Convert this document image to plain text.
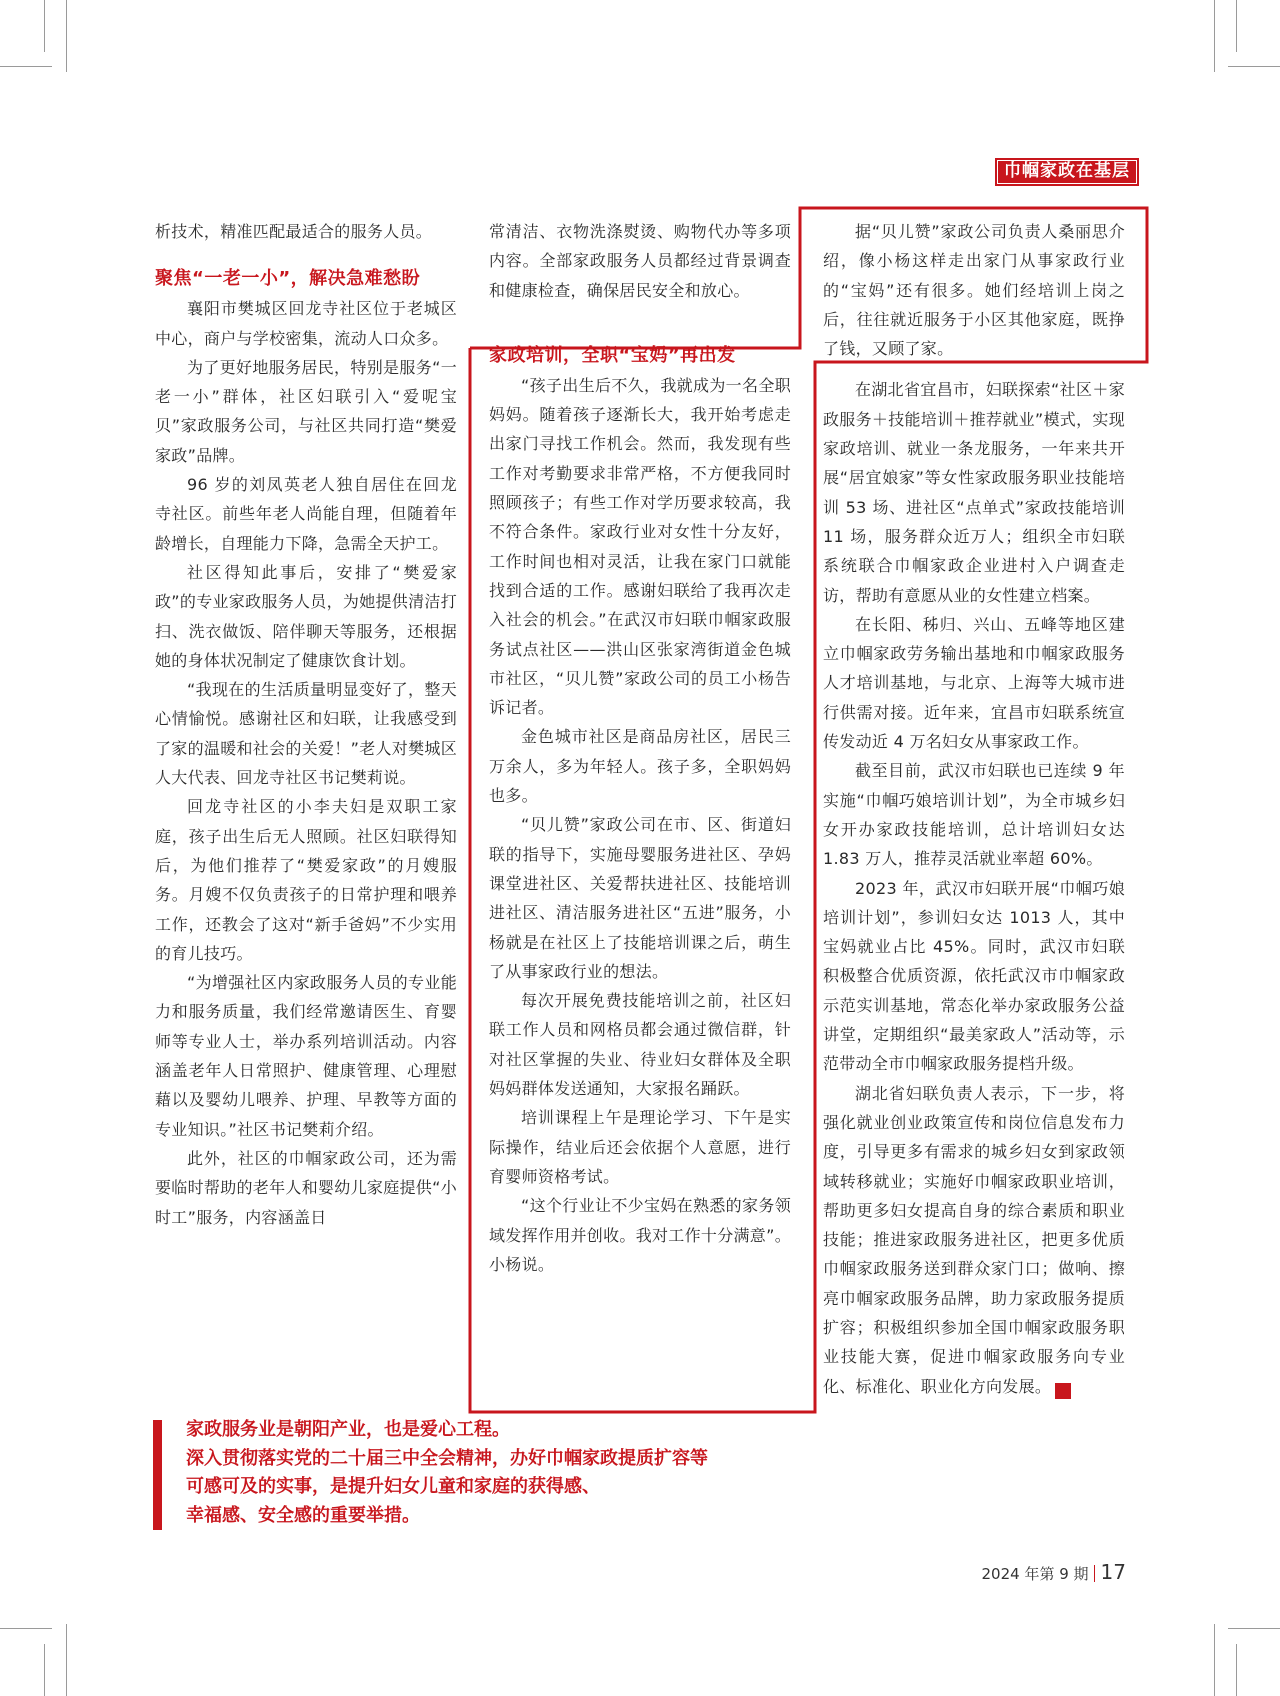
巾帼家政在基层

析技术，精准匹配最适合的服务人员。

聚焦“一老一小”，解决急难愁盼

襄阳市樊城区回龙寺社区位于老城区中心，商户与学校密集，流动人口众多。

为了更好地服务居民，特别是服务“一老一小”群体，社区妇联引入“爱呢宝贝”家政服务公司，与社区共同打造“樊爱家政”品牌。

96 岁的刘凤英老人独自居住在回龙寺社区。前些年老人尚能自理，但随着年龄增长，自理能力下降，急需全天护工。

社区得知此事后，安排了“樊爱家政”的专业家政服务人员，为她提供清洁打扫、洗衣做饭、陪伴聊天等服务，还根据她的身体状况制定了健康饮食计划。

“我现在的生活质量明显变好了，整天心情愉悦。感谢社区和妇联，让我感受到了家的温暖和社会的关爱！”老人对樊城区人大代表、回龙寺社区书记樊莉说。

回龙寺社区的小李夫妇是双职工家庭，孩子出生后无人照顾。社区妇联得知后，为他们推荐了“樊爱家政”的月嫂服务。月嫂不仅负责孩子的日常护理和喂养工作，还教会了这对“新手爸妈”不少实用的育儿技巧。

“为增强社区内家政服务人员的专业能力和服务质量，我们经常邀请医生、育婴师等专业人士，举办系列培训活动。内容涵盖老年人日常照护、健康管理、心理慰藉以及婴幼儿喂养、护理、早教等方面的专业知识。”社区书记樊莉介绍。

此外，社区的巾帼家政公司，还为需要临时帮助的老年人和婴幼儿家庭提供“小时工”服务，内容涵盖日

常清洁、衣物洗涤熨烫、购物代办等多项内容。全部家政服务人员都经过背景调查和健康检查，确保居民安全和放心。

家政培训，全职“宝妈”再出发

“孩子出生后不久，我就成为一名全职妈妈。随着孩子逐渐长大，我开始考虑走出家门寻找工作机会。然而，我发现有些工作对考勤要求非常严格，不方便我同时照顾孩子；有些工作对学历要求较高，我不符合条件。家政行业对女性十分友好，工作时间也相对灵活，让我在家门口就能找到合适的工作。感谢妇联给了我再次走入社会的机会。”在武汉市妇联巾帼家政服务试点社区——洪山区张家湾街道金色城市社区，“贝儿赞”家政公司的员工小杨告诉记者。

金色城市社区是商品房社区，居民三万余人，多为年轻人。孩子多，全职妈妈也多。

“贝儿赞”家政公司在市、区、街道妇联的指导下，实施母婴服务进社区、孕妈课堂进社区、关爱帮扶进社区、技能培训进社区、清洁服务进社区“五进”服务，小杨就是在社区上了技能培训课之后，萌生了从事家政行业的想法。

每次开展免费技能培训之前，社区妇联工作人员和网格员都会通过微信群，针对社区掌握的失业、待业妇女群体及全职妈妈群体发送通知，大家报名踊跃。

培训课程上午是理论学习、下午是实际操作，结业后还会依据个人意愿，进行育婴师资格考试。

“这个行业让不少宝妈在熟悉的家务领域发挥作用并创收。我对工作十分满意”。小杨说。

据“贝儿赞”家政公司负责人桑丽思介绍，像小杨这样走出家门从事家政行业的“宝妈”还有很多。她们经培训上岗之后，往往就近服务于小区其他家庭，既挣了钱，又顾了家。

在湖北省宜昌市，妇联探索“社区＋家政服务＋技能培训＋推荐就业”模式，实现家政培训、就业一条龙服务，一年来共开展“居宜娘家”等女性家政服务职业技能培训 53 场、进社区“点单式”家政技能培训 11 场，服务群众近万人；组织全市妇联系统联合巾帼家政企业进村入户调查走访，帮助有意愿从业的女性建立档案。

在长阳、秭归、兴山、五峰等地区建立巾帼家政劳务输出基地和巾帼家政服务人才培训基地，与北京、上海等大城市进行供需对接。近年来，宜昌市妇联系统宣传发动近 4 万名妇女从事家政工作。

截至目前，武汉市妇联也已连续 9 年实施“巾帼巧娘培训计划”，为全市城乡妇女开办家政技能培训，总计培训妇女达 1.83 万人，推荐灵活就业率超 60%。

2023 年，武汉市妇联开展“巾帼巧娘培训计划”，参训妇女达 1013 人，其中宝妈就业占比 45%。同时，武汉市妇联积极整合优质资源，依托武汉市巾帼家政示范实训基地，常态化举办家政服务公益讲堂，定期组织“最美家政人”活动等，示范带动全市巾帼家政服务提档升级。

湖北省妇联负责人表示，下一步，将强化就业创业政策宣传和岗位信息发布力度，引导更多有需求的城乡妇女到家政领域转移就业；实施好巾帼家政职业培训，帮助更多妇女提高自身的综合素质和职业技能；推进家政服务进社区，把更多优质巾帼家政服务送到群众家门口；做响、擦亮巾帼家政服务品牌，助力家政服务提质扩容；积极组织参加全国巾帼家政服务职业技能大赛，促进巾帼家政服务向专业化、标准化、职业化方向发展。	Z

家政服务业是朝阳产业，也是爱心工程。
深入贯彻落实党的二十届三中全会精神，办好巾帼家政提质扩容等
可感可及的实事，是提升妇女儿童和家庭的获得感、
幸福感、安全感的重要举措。
2024 年第 9 期 17
